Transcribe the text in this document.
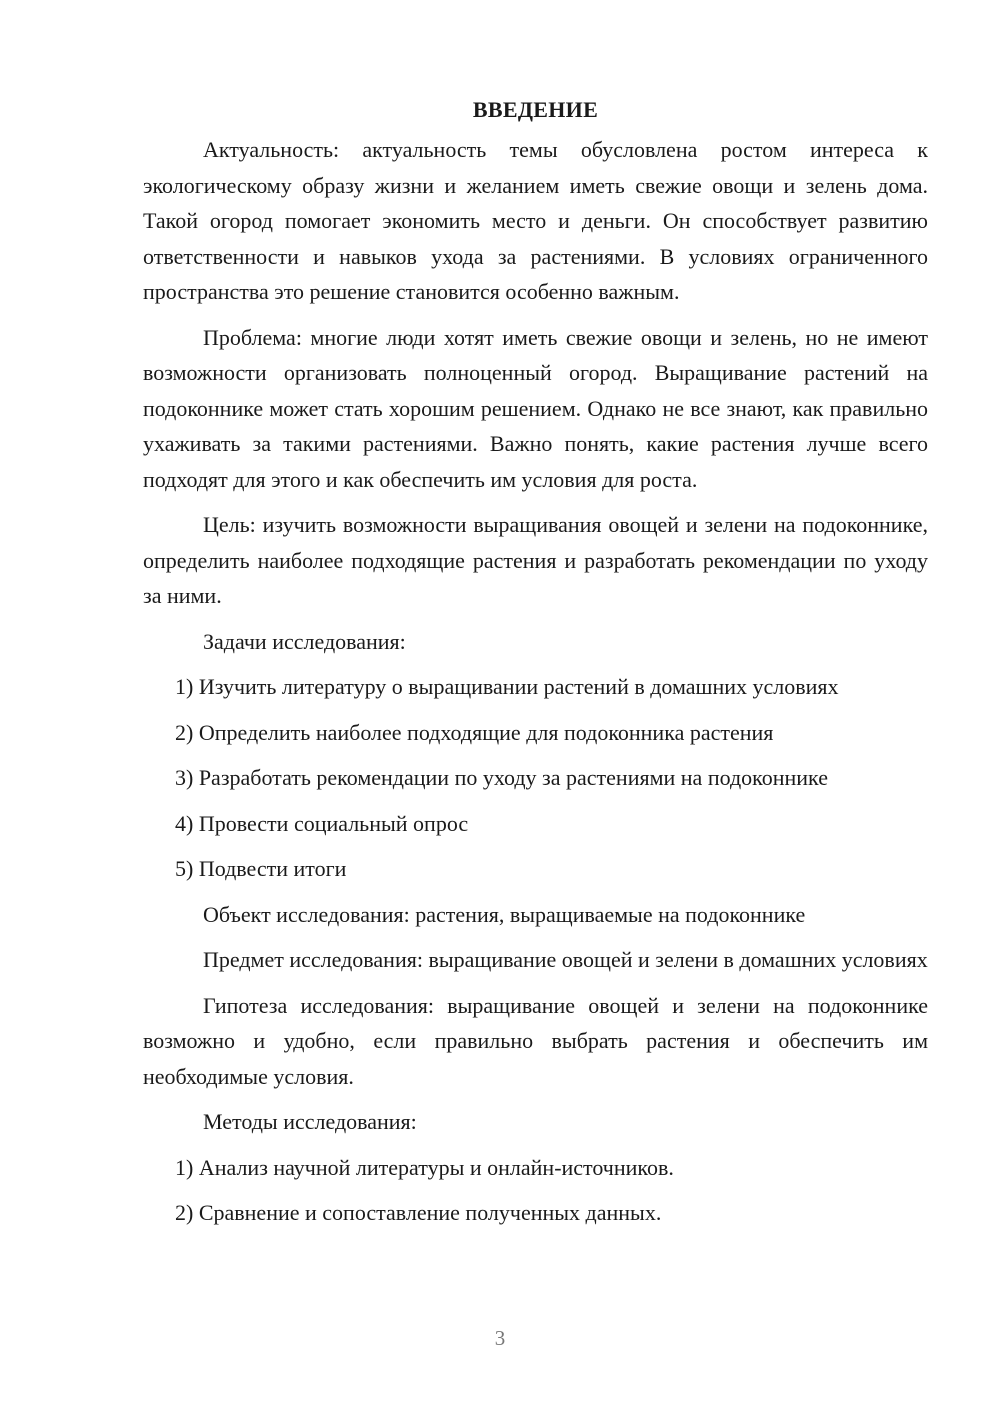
ВВЕДЕНИЕ

Актуальность: актуальность темы обусловлена ростом интереса к экологическому образу жизни и желанием иметь свежие овощи и зелень дома. Такой огород помогает экономить место и деньги. Он способствует развитию ответственности и навыков ухода за растениями. В условиях ограниченного пространства это решение становится особенно важным.

Проблема: многие люди хотят иметь свежие овощи и зелень, но не имеют возможности организовать полноценный огород. Выращивание растений на подоконнике может стать хорошим решением. Однако не все знают, как правильно ухаживать за такими растениями. Важно понять, какие растения лучше всего подходят для этого и как обеспечить им условия для роста.

Цель: изучить возможности выращивания овощей и зелени на подоконнике, определить наиболее подходящие растения и разработать рекомендации по уходу за ними.

Задачи исследования:

1) Изучить литературу о выращивании растений в домашних условиях

2) Определить наиболее подходящие для подоконника растения

3) Разработать рекомендации по уходу за растениями на подоконнике

4) Провести социальный опрос

5) Подвести итоги

Объект исследования: растения, выращиваемые на подоконнике

Предмет исследования: выращивание овощей и зелени в домашних условиях

Гипотеза исследования: выращивание овощей и зелени на подоконнике возможно и удобно, если правильно выбрать растения и обеспечить им необходимые условия.

Методы исследования:

1) Анализ научной литературы и онлайн-источников.

2) Сравнение и сопоставление полученных данных.

3
